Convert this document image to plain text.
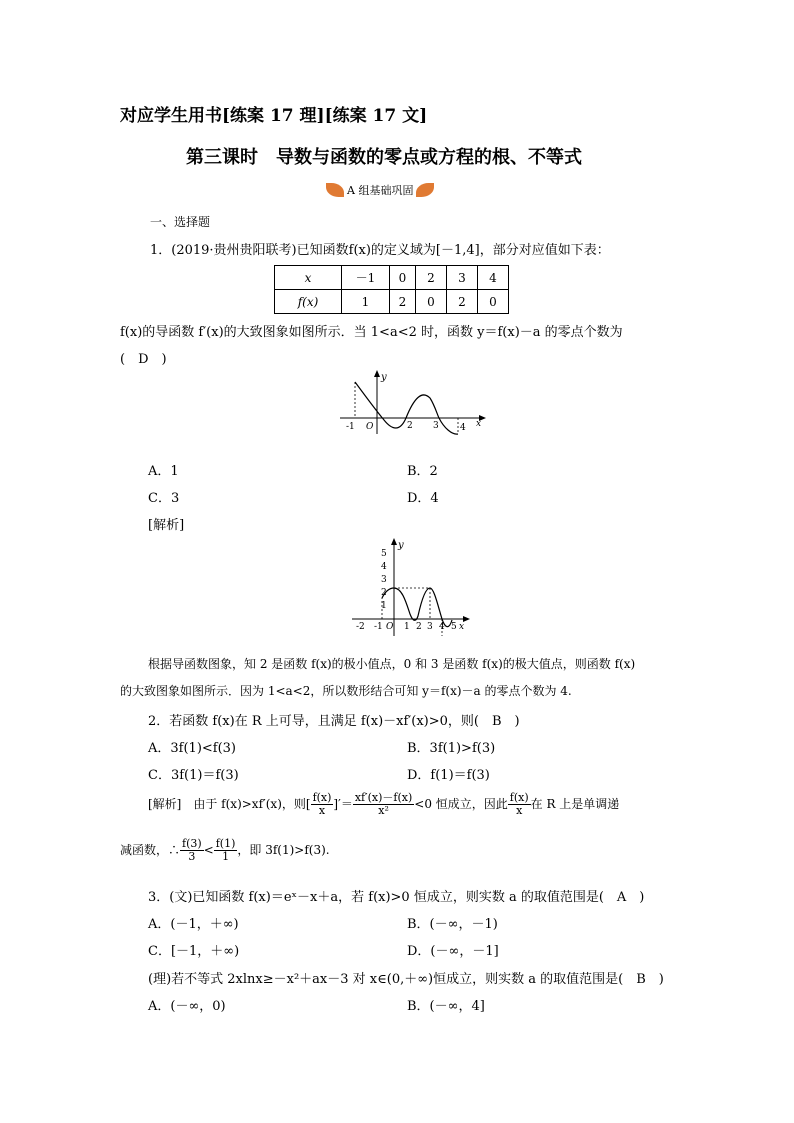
对应学生用书[练案 17 理][练案 17 文]
第三课时　导数与函数的零点或方程的根、不等式
A 组基础巩固
一、选择题
1．(2019·贵州贵阳联考)已知函数f(x)的定义域为[－1,4]，部分对应值如下表：
x	－1	0	2	3	4
f(x)	1	2	0	2	0
f(x)的导函数 f′(x)的大致图象如图所示．当 1<a<2 时，函数 y＝f(x)－a 的零点个数为
(　D　)
y
-1 O	2 3 4 x
A．1	B．2
C．3	D．4
[解析]
5
4
3
2
1
y
-2 -1 O 1 2 3 4 5 x
根据导函数图象，知 2 是函数 f(x)的极小值点，0 和 3 是函数 f(x)的极大值点，则函数 f(x)
的大致图象如图所示．因为 1<a<2，所以数形结合可知 y＝f(x)－a 的零点个数为 4.
2．若函数 f(x)在 R 上可导，且满足 f(x)－xf′(x)>0，则(　B　)
A．3f(1)<f(3)	B．3f(1)>f(3)
C．3f(1)＝f(3)	D．f(1)＝f(3)
[解析]　由于 f(x)>xf′(x)，则[ $\frac{f(x)}{x}$ ]′＝ $\frac{xf'(x)-f(x)}{\text{x²}} <0$ 恒成立，因此 $\frac{f(x)}{x}$ 在 R 上是单调递
减函数，∴ $\frac{f(3)}{3} < \frac{f(1)}{1}$ ，即 3f(1)>f(3).
3．(文)已知函数 f(x)＝eˣ－x＋a，若 f(x)>0 恒成立，则实数 a 的取值范围是(　A　)
A．(－1，＋∞)	B．(－∞，－1)
C．[－1，＋∞)	D．(－∞，－1]
(理)若不等式 2xlnx≥－x²＋ax－3 对 x∈(0,＋∞)恒成立，则实数 a 的取值范围是(　B　)
A．(－∞，0)	B．(－∞，4]
